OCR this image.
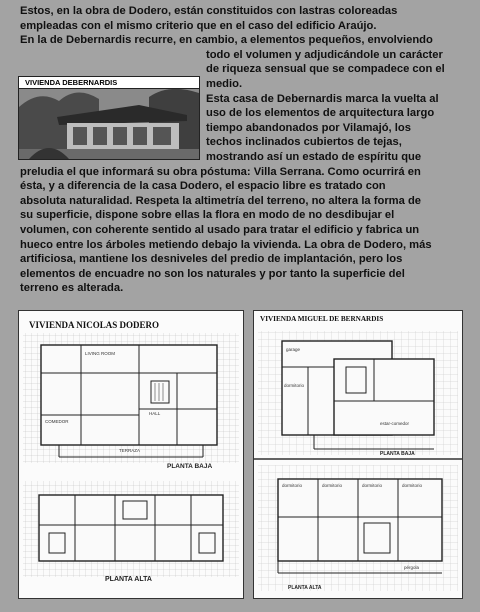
Estos, en la obra de Dodero, están constituidos con lastras coloreadas
empleadas con el mismo criterio que en el caso del edificio Araújo.
En la de Debernardis recurre, en cambio, a elementos pequeños, envolviendo
todo el volumen y adjudicándole un carácter
de riqueza sensual que se compadece con el
medio.
Esta casa de Debernardis marca la vuelta al
uso de los elementos de arquitectura largo
tiempo abandonados por Vilamajó, los
techos inclinados cubiertos de tejas,
mostrando así un estado de espíritu que
preludia el que informará su obra póstuma: Villa Serrana. Como ocurrirá en
ésta, y a diferencia de la casa Dodero, el espacio libre es tratado con
absoluta naturalidad. Respeta la altimetría del terreno, no altera la forma de
su superficie, dispone sobre ellas la flora en modo de no desdibujar el
volumen, con coherente sentido al usado para tratar el edificio y fabrica un
hueco entre los árboles metiendo debajo la vivienda. La obra de Dodero, más
artificiosa, mantiene los desniveles del predio de implantación, pero los
elementos de encuadre no son los naturales y por tanto la superficie del
terreno es alterada.
VIVIENDA DEBERNARDIS
VIVIENDA NICOLAS DODERO
PLANTA BAJA
PLANTA ALTA
LIVING ROOM
HALL
COMEDOR
TERRAZA
VIVIENDA MIGUEL DE BERNARDIS
PLANTA BAJA
PLANTA ALTA
garage
dormitorio
estar-comedor
dormitorio	dormitorio	dormitorio	dormitorio
pérgola
